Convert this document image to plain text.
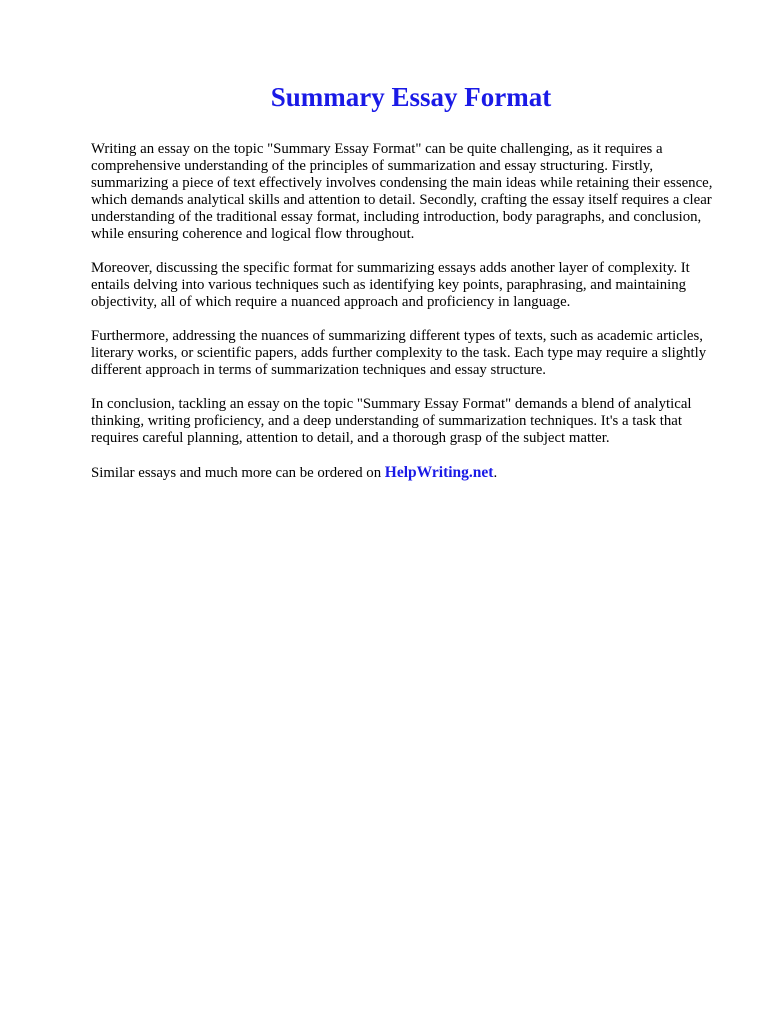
Summary Essay Format

Writing an essay on the topic "Summary Essay Format" can be quite challenging, as it requires a comprehensive understanding of the principles of summarization and essay structuring. Firstly, summarizing a piece of text effectively involves condensing the main ideas while retaining their essence, which demands analytical skills and attention to detail. Secondly, crafting the essay itself requires a clear understanding of the traditional essay format, including introduction, body paragraphs, and conclusion, while ensuring coherence and logical flow throughout.

Moreover, discussing the specific format for summarizing essays adds another layer of complexity. It entails delving into various techniques such as identifying key points, paraphrasing, and maintaining objectivity, all of which require a nuanced approach and proficiency in language.

Furthermore, addressing the nuances of summarizing different types of texts, such as academic articles, literary works, or scientific papers, adds further complexity to the task. Each type may require a slightly different approach in terms of summarization techniques and essay structure.

In conclusion, tackling an essay on the topic "Summary Essay Format" demands a blend of analytical thinking, writing proficiency, and a deep understanding of summarization techniques. It's a task that requires careful planning, attention to detail, and a thorough grasp of the subject matter.

Similar essays and much more can be ordered on HelpWriting.net.
